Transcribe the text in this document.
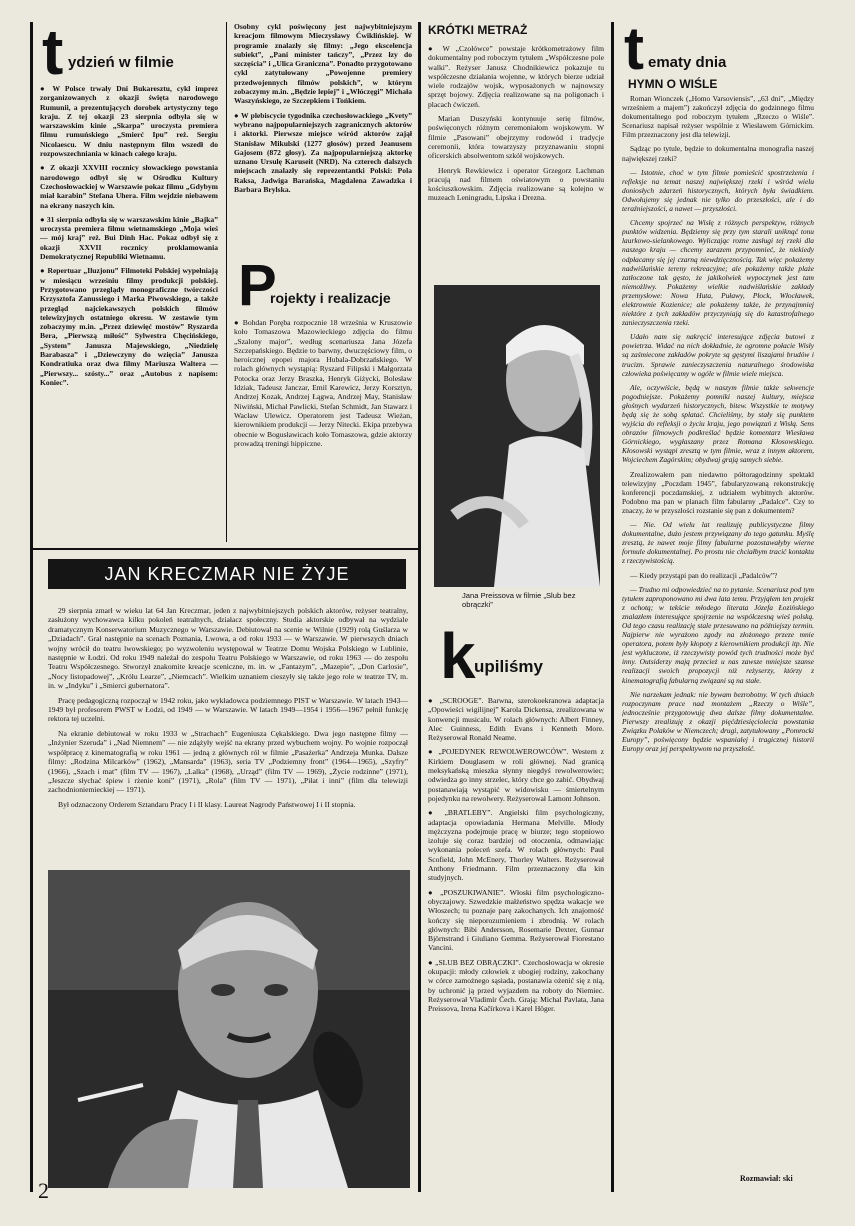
t ydzień w filmie

● W Polsce trwały Dni Bukaresztu, cykl imprez zorganizowanych z okazji święta narodowego Rumunii, a prezentujących dorobek artystyczny tego kraju. Z tej okazji 23 sierpnia odbyła się w warszawskim kinie „Skarpa” uroczysta premiera filmu rumuńskiego „Smierć Ipu” reż. Sergiu Nicolaescu. W dniu następnym film wszedł do rozpowszechniania w kinach całego kraju.

● Z okazji XXVIII rocznicy słowackiego powstania narodowego odbył się w Ośrodku Kultury Czechosłowackiej w Warszawie pokaz filmu „Gdybym miał karabin” Stefana Uhera. Film wejdzie niebawem na ekrany naszych kin.

● 31 sierpnia odbyła się w warszawskim kinie „Bajka” uroczysta premiera filmu wietnamskiego „Moja wieś — mój kraj” reż. Bui Dinh Hac. Pokaz odbył się z okazji XXVII rocznicy proklamowania Demokratycznej Republiki Wietnamu.

● Repertuar „Iluzjonu” Filmoteki Polskiej wypełniają w miesiącu wrześniu filmy produkcji polskiej. Przygotowano przeglądy monograficzne twórczości Krzysztofa Zanussiego i Marka Piwowskiego, a także przegląd najciekawszych polskich filmów telewizyjnych ostatniego okresu. W zestawie tym zobaczymy m.in. „Przez dziewięć mostów” Ryszarda Bera, „Pierwszą miłość” Sylwestra Chęcińskiego, „System” Janusza Majewskiego, „Niedzielę Barabasza” i „Dziewczyny do wzięcia” Janusza Kondratiuka oraz dwa filmy Mariusza Waltera — „Pierwszy... szósty...” oraz „Autobus z napisem: Koniec”.

Osobny cykl poświęcony jest najwybitniejszym kreacjom filmowym Mieczysławy Ćwiklińskiej. W programie znalazły się filmy: „Jego ekscelencja subiekt”, „Pani minister tańczy”, „Przez łzy do szczęścia” i „Ulica Graniczna”. Ponadto przygotowano cykl zatytułowany „Powojenne premiery przedwojennych filmów polskich”, w którym zobaczymy m.in. „Będzie lepiej” i „Włóczęgi” Michała Waszyńskiego, ze Szczepkiem i Tońkiem.

● W plebiscycie tygodnika czechosłowackiego „Kvety” wybrano najpopularniejszych zagranicznych aktorów i aktorki. Pierwsze miejsce wśród aktorów zajął Stanisław Mikulski (1277 głosów) przed Jeanusem Gajosem (872 głosy). Za najpopularniejszą aktorkę uznano Ursulę Karuseit (NRD). Na czterech dalszych miejscach znalazły się reprezentantki Polski: Pola Raksa, Jadwiga Barańska, Magdalena Zawadzka i Barbara Brylska.

P
rojekty i realizacje

● Bohdan Poręba rozpocznie 18 września w Kruszowie koło Tomaszowa Mazowieckiego zdjęcia do filmu „Szalony major”, według scenariusza Jana Józefa Szczepańskiego. Będzie to barwny, dwuczęściowy film, o heroicznej epopei majora Hubala-Dobrzańskiego. W rolach głównych wystąpią: Ryszard Filipski i Małgorzata Potocka oraz Jerzy Braszka, Henryk Giżycki, Bolesław Idziak, Tadeusz Janczar, Emil Karewicz, Jerzy Korsztyn, Andrzej Kozak, Andrzej Łągwa, Andrzej May, Stanisław Niwiński, Michał Pawlicki, Stefan Schmidt, Jan Stawarz i Wacław Ulewicz. Operatorem jest Tadeusz Wieżan, kierownikiem produkcji — Jerzy Nitecki. Ekipa przebywa obecnie w Bogusławicach koło Tomaszowa, gdzie aktorzy prowadzą treningi hippiczne.

JAN KRECZMAR NIE ŻYJE

29 sierpnia zmarł w wieku lat 64 Jan Kreczmar, jeden z najwybitniejszych polskich aktorów, reżyser teatralny, zasłużony wychowawca kilku pokoleń teatralnych, działacz społeczny. Studia aktorskie odbywał na wydziale dramatycznym Konserwatorium Muzycznego w Warszawie. Debiutował na scenie w Wilnie (1929) rolą Guślarza w „Dziadach”. Grał następnie na scenach Poznania, Lwowa, a od roku 1933 — w Warszawie. W pierwszych dniach wojny wrócił do teatru lwowskiego; po wyzwoleniu występował w Teatrze Domu Wojska Polskiego w Lublinie, następnie w Łodzi. Od roku 1949 należał do zespołu Teatru Polskiego w Warszawie, od roku 1963 — do zespołu Teatru Współczesnego. Stworzył znakomite kreacje sceniczne, m. in. w „Fantazym”, „Mazepie”, „Don Carlosie”, „Nocy listopadowej”, „Królu Learze”, „Niemcach”. Wielkim uznaniem cieszyły się także jego role w teatrze TV, m. in. w „Indyku” i „Smierci gubernatora”.

Pracę pedagogiczną rozpoczął w 1942 roku, jako wykładowca podziemnego PIST w Warszawie. W latach 1943—1949 był profesorem PWST w Łodzi, od 1949 — w Warszawie. W latach 1949—1954 i 1956—1967 pełnił funkcję rektora tej uczelni.

Na ekranie debiutował w roku 1933 w „Strachach” Eugeniusza Cękalskiego. Dwa jego następne filmy — „Inżynier Szeruda” i „Nad Niemnem” — nie zdążyły wejść na ekrany przed wybuchem wojny. Po wojnie rozpoczął współpracę z kinematografią w roku 1961 — jedną z głównych ról w filmie „Pasażerka” Andrzeja Munka. Dalsze filmy: „Rodzina Milcarków” (1962), „Mansarda” (1963), seria TV „Podziemny front” (1964—1965), „Szyfry” (1966), „Szach i mat” (film TV — 1967), „Lalka” (1968), „Urząd” (film TV — 1969), „Życie rodzinne” (1971), „Jeszcze słychać śpiew i rżenie koni” (1971), „Rola” (film TV — 1971), „Piłat i inni” (film dla telewizji zachodnioniemieckiej — 1971).

Był odznaczony Orderem Sztandaru Pracy I i II klasy. Laureat Nagrody Państwowej I i II stopnia.

KRÓTKI METRAŻ

● W „Czołówce” powstaje krótkometrażowy film dokumentalny pod roboczym tytułem „Współczesne pole walki”. Reżyser Janusz Chodnikiewicz pokazuje tu współczesne działania wojenne, w których bierze udział wiele rodzajów wojsk, wyposażonych w najnowszy sprzęt bojowy. Zdjęcia realizowane są na poligonach i placach ćwiczeń.

Marian Duszyński kontynuuje serię filmów, poświęconych różnym ceremoniałom wojskowym. W filmie „Pasowani” obejrzymy rodowód i tradycje ceremonii, która towarzyszy przyznawaniu stopni oficerskich absolwentom szkół wojskowych.

Henryk Rewkiewicz i operator Grzegorz Lachman pracują nad filmem oświatowym o powstaniu kościuszkowskim. Zdjęcia realizowane są kolejno w muzeach Leningradu, Lipska i Drezna.

Jana Preissova w filmie „Slub bez obrączki”
k
upiliśmy

● „SCROOGE”. Barwna, szerokoekranowa adaptacja „Opowieści wigilijnej” Karola Dickensa, zrealizowana w konwencji musicalu. W rolach głównych: Albert Finney, Alec Guinness, Edith Evans i Kenneth More. Reżyserował Ronald Neame.

● „POJEDYNEK REWOLWEROWCÓW”. Western z Kirkiem Douglasem w roli głównej. Nad granicą meksykańską mieszka słynny niegdyś rewolwerowiec; odwiedza go inny strzelec, który chce go zabić. Obydwaj postanawiają wystąpić w widowisku — śmiertelnym pojedynku na rewolwery. Reżyserował Lamont Johnson.

● „BRATLEBY”. Angielski film psychologiczny, adaptacja opowiadania Hermana Melville. Młody mężczyzna podejmuje pracę w biurze; tego stopniowo izoluje się coraz bardziej od otoczenia, odmawiając wykonania poleceń szefa. W rolach głównych: Paul Scofield, John McEnery, Thorley Walters. Reżyserował Anthony Friedmann. Film przeznaczony dla kin studyjnych.

● „POSZUKIWANIE”. Włoski film psychologiczno-obyczajowy. Szwedzkie małżeństwo spędza wakacje we Włoszech; tu poznaje parę zakochanych. Ich znajomość kończy się nieporozumieniem i zbrodnią. W rolach głównych: Bibi Andersson, Rosemarie Dexter, Gunnar Björnstrand i Giuliano Gemma. Reżyserował Fiorestano Vancini.

● „SLUB BEZ OBRĄCZKI”. Czechosłowacja w okresie okupacji: młody człowiek z ubogiej rodziny, zakochany w córce zamożnego sąsiada, postanawia ożenić się z nią, by uchronić ją przed wyjazdem na roboty do Niemiec. Reżyserował Vladimír Čech. Grają: Michal Pavlata, Jana Preissova, Irena Kačírkova i Karel Höger.

t ematy dnia
HYMN O WIŚLE

Roman Wionczek („Homo Varsoviensis”, „63 dni”, „Między wrześniem a majem”) zakończył zdjęcia do godzinnego filmu dokumentalnego pod roboczym tytułem „Rzeczo o Wiśle”. Scenariusz napisał reżyser wspólnie z Wiesławem Górnickim. Film przeznaczony jest dla telewizji.

Sądząc po tytule, będzie to dokumentalna monografia naszej największej rzeki?

— Istotnie, choć w tym filmie pomieścić spostrzeżenia i refleksje na temat naszej największej rzeki i wśród wielu doniosłych zdarzeń historycznych, których była świadkiem. Odwołujemy się jednak nie tylko do przeszłości, ale i do teraźniejszości, a nawet — przyszłości.

Chcemy spojrzeć na Wisłę z różnych perspektyw, różnych punktów widzenia. Będziemy się przy tym starali uniknąć tonu laurkowo-sielankowego. Wyliczając rozne zasługi tej rzeki dla naszego kraju — chcemy zarazem przypomnieć, że niekiedy odpłacamy się jej czarną niewdzięcznością. Tak więc pokażemy nadwiślańskie tereny rekreacyjne; ale pokażemy także plaże zatłoczone tak gęsto, że jakikolwiek wypoczynek jest tam niemożliwy. Pokażemy wielkie nadwiślańskie zakłady przemysłowe: Nowa Huta, Puławy, Płock, Włocławek, elektrownie Kozienice; ale pokażemy także, że przynajmniej niektóre z tych zakładów przyczyniają się do katastrofalnego zanieczyszczenia rzeki.

Udało nam się nakręcić interesujące zdjęcia butowi z powietrza. Widać na nich dokładnie, że ogromne połacie Wisły są zaśmiecone zakładów pokryte są gęstymi liszajami brudów i trucizn. Sprawie zanieczyszczenia naturalnego środowiska człowieka poświęcamy w ogóle w filmie wiele miejsca.

Ale, oczywiście, będą w naszym filmie także sekwencje pogodniejsze. Pokażemy pomniki naszej kultury, miejsca głośnych wydarzeń historycznych, bitew. Wszystkie te motywy będą się że sobą splatać. Chcieliśmy, by stały się punktem wyjścia do refleksji o życiu kraju, jego powiązań z Wisłą. Sens obrazów filmowych podkreślać będzie komentarz Wiesława Górnickiego, wygłaszany przez Romana Kłosowskiego. Kłosowski wystąpi zresztą w tym filmie, wraz z innym aktorem, Wojciechem Zagórskim; obydwaj grają samych siebie.

Zrealizowałem pan niedawno półtoragodzinny spektakl telewizyjny „Poczdam 1945”, fabularyzowaną rekonstrukcję konferencji poczdamskiej, z udziałem wybitnych aktorów. Podobno ma pan w planach film fabularny „Padalce”. Czy to znaczy, że w przyszłości rozstanie się pan z dokumentem?

— Nie. Od wielu lat realizuję publicystyczne filmy dokumentalne, dużo jestem przywiązany do tego gatunku. Myślę zresztą, że nawet moje filmy fabularne pozostawałyby wierne formule dokumentalnej. Po prostu nie chciałbym tracić kontaktu z rzeczywistością.

— Kiedy przystąpi pan do realizacji „Padalców”?

— Trudno mi odpowiedzieć na to pytanie. Scenariusz pod tym tytułem zaproponowano mi dwa lata temu. Przyjąłem ten projekt z ochotą; w tekście młodego literata Józefa Łozińskiego znalazłem interesujące spojrzenie na współczesną wieś polską. Od tego czasu realizację stale przesuwano na późniejszy termin. Najpierw nie wyrażono zgody na złożonego przeze mnie operatora, potem były kłopoty z kierownikiem produkcji itp. Nie jest wykluczone, iż rzeczywisty powód tych trudności może być inny. Outsiderzy mają przecież u nas zawsze mniejsze szanse realizacji swoich propozycji niż reżyserzy, którzy z kinematografią fabularną związani są na stałe.

Nie narzekam jednak: nie bywam bezrobotny. W tych dniach rozpoczynam prace nad montażem „Rzeczy o Wiśle”, jednocześnie przygotowuję dwa dalsze filmy dokumentalne. Pierwszy zrealizuję z okazji pięćdziesięciolecia powstania Związku Polaków w Niemczech; drugi, zatytułowany „Pomrocki Europy”, poświęcony będzie wspaniałej i tragicznej historii Europy oraz jej perspektywom na przyszłość.

Rozmawiał: ski
2
